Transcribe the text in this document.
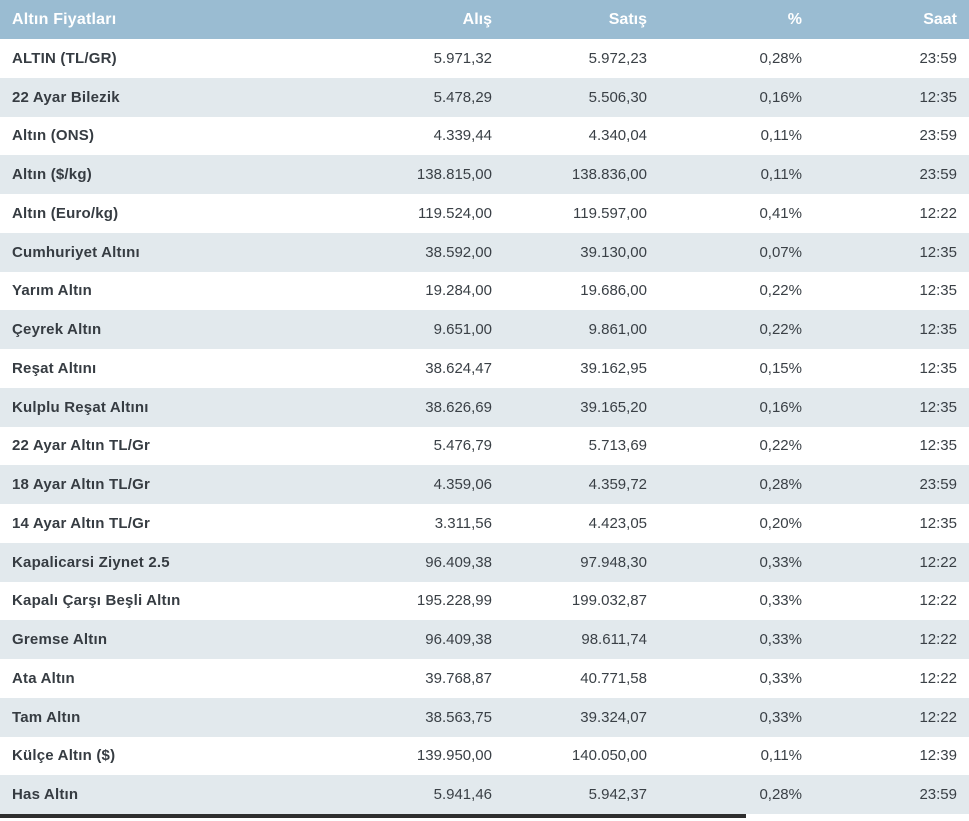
Altın Fiyatları	Alış	Satış	%	Saat
ALTIN (TL/GR)	5.971,32	5.972,23	0,28%	23:59
22 Ayar Bilezik	5.478,29	5.506,30	0,16%	12:35
Altın (ONS)	4.339,44	4.340,04	0,11%	23:59
Altın ($/kg)	138.815,00	138.836,00	0,11%	23:59
Altın (Euro/kg)	119.524,00	119.597,00	0,41%	12:22
Cumhuriyet Altını	38.592,00	39.130,00	0,07%	12:35
Yarım Altın	19.284,00	19.686,00	0,22%	12:35
Çeyrek Altın	9.651,00	9.861,00	0,22%	12:35
Reşat Altını	38.624,47	39.162,95	0,15%	12:35
Kulplu Reşat Altını	38.626,69	39.165,20	0,16%	12:35
22 Ayar Altın TL/Gr	5.476,79	5.713,69	0,22%	12:35
18 Ayar Altın TL/Gr	4.359,06	4.359,72	0,28%	23:59
14 Ayar Altın TL/Gr	3.311,56	4.423,05	0,20%	12:35
Kapalicarsi Ziynet 2.5	96.409,38	97.948,30	0,33%	12:22
Kapalı Çarşı Beşli Altın	195.228,99	199.032,87	0,33%	12:22
Gremse Altın	96.409,38	98.611,74	0,33%	12:22
Ata Altın	39.768,87	40.771,58	0,33%	12:22
Tam Altın	38.563,75	39.324,07	0,33%	12:22
Külçe Altın ($)	139.950,00	140.050,00	0,11%	12:39
Has Altın	5.941,46	5.942,37	0,28%	23:59
